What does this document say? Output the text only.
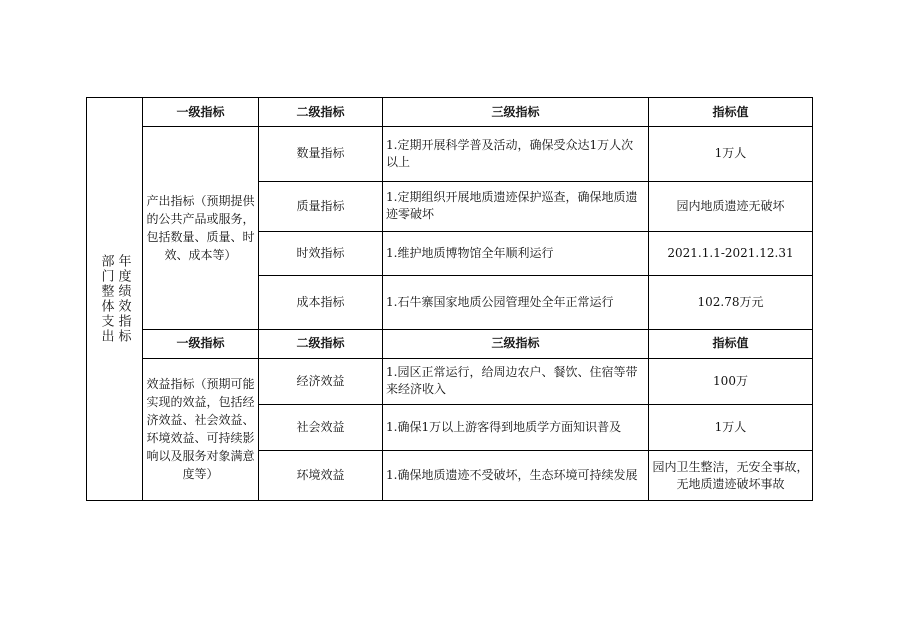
年度绩效指标
部门整体支出	一级指标	二级指标	三级指标	指标值
	产出指标（预期提供的公共产品或服务，包括数量、质量、时效、成本等）	数量指标	1.定期开展科学普及活动，确保受众达1万人次以上	1万人
		质量指标	1.定期组织开展地质遗迹保护巡查，确保地质遗迹零破坏	园内地质遗迹无破坏
		时效指标	1.维护地质博物馆全年顺利运行	2021.1.1-2021.12.31
		成本指标	1.石牛寨国家地质公园管理处全年正常运行	102.78万元
	一级指标	二级指标	三级指标	指标值
	效益指标（预期可能实现的效益，包括经济效益、社会效益、环境效益、可持续影响以及服务对象满意度等）	经济效益	1.园区正常运行，给周边农户、餐饮、住宿等带来经济收入	100万
		社会效益	1.确保1万以上游客得到地质学方面知识普及	1万人
		环境效益	1.确保地质遗迹不受破坏，生态环境可持续发展	园内卫生整洁，无安全事故，无地质遗迹破坏事故
